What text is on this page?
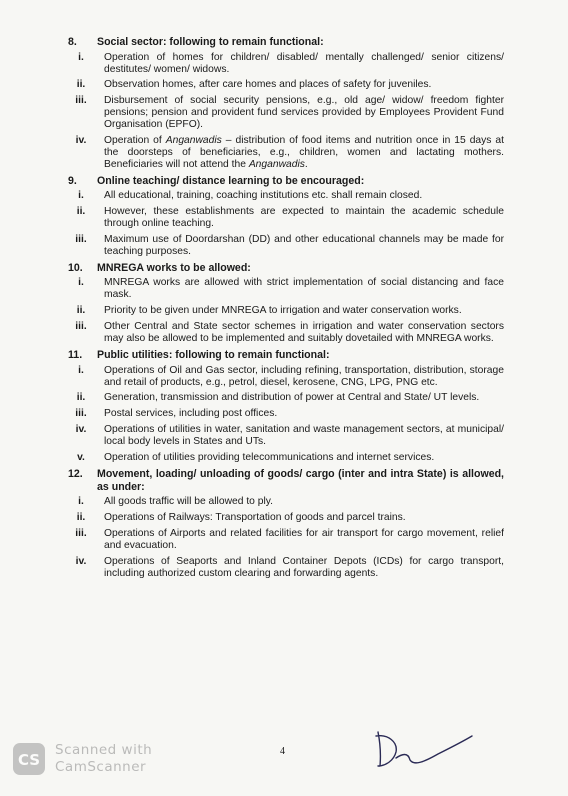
8.	Social sector: following to remain functional:
i.	Operation of homes for children/ disabled/ mentally challenged/ senior citizens/ destitutes/ women/ widows.
ii.	Observation homes, after care homes and places of safety for juveniles.
iii.	Disbursement of social security pensions, e.g., old age/ widow/ freedom fighter pensions; pension and provident fund services provided by Employees Provident Fund Organisation (EPFO).
iv.	Operation of Anganwadis – distribution of food items and nutrition once in 15 days at the doorsteps of beneficiaries, e.g., children, women and lactating mothers. Beneficiaries will not attend the Anganwadis.
9.	Online teaching/ distance learning to be encouraged:
i.	All educational, training, coaching institutions etc. shall remain closed.
ii.	However, these establishments are expected to maintain the academic schedule through online teaching.
iii.	Maximum use of Doordarshan (DD) and other educational channels may be made for teaching purposes.
10.	MNREGA works to be allowed:
i.	MNREGA works are allowed with strict implementation of social distancing and face mask.
ii.	Priority to be given under MNREGA to irrigation and water conservation works.
iii.	Other Central and State sector schemes in irrigation and water conservation sectors may also be allowed to be implemented and suitably dovetailed with MNREGA works.
11.	Public utilities: following to remain functional:
i.	Operations of Oil and Gas sector, including refining, transportation, distribution, storage and retail of products, e.g., petrol, diesel, kerosene, CNG, LPG, PNG etc.
ii.	Generation, transmission and distribution of power at Central and State/ UT levels.
iii.	Postal services, including post offices.
iv.	Operations of utilities in water, sanitation and waste management sectors, at municipal/ local body levels in States and UTs.
v.	Operation of utilities providing telecommunications and internet services.
12.	Movement, loading/ unloading of goods/ cargo (inter and intra State) is allowed, as under:
i.	All goods traffic will be allowed to ply.
ii.	Operations of Railways: Transportation of goods and parcel trains.
iii.	Operations of Airports and related facilities for air transport for cargo movement, relief and evacuation.
iv.	Operations of Seaports and Inland Container Depots (ICDs) for cargo transport, including authorized custom clearing and forwarding agents.
4
CS
Scanned with
CamScanner
